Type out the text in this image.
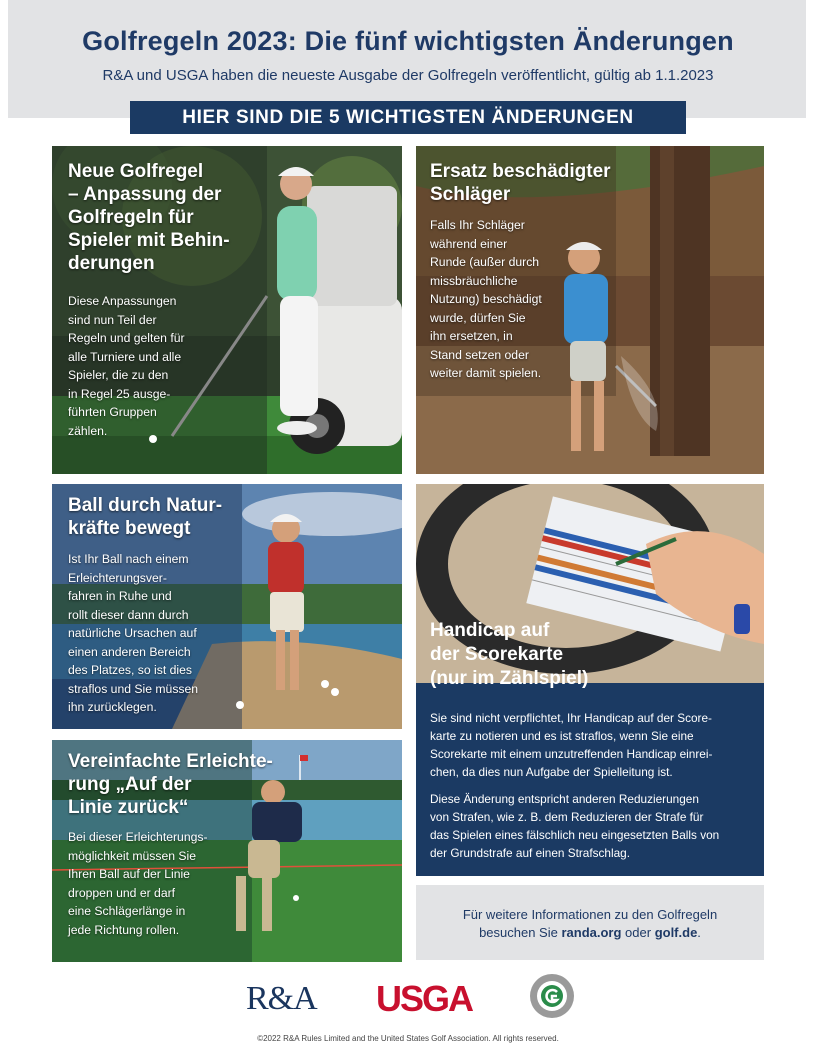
Golfregeln 2023: Die fünf wichtigsten Änderungen
R&A und USGA haben die neueste Ausgabe der Golfregeln veröffentlicht, gültig ab 1.1.2023
HIER SIND DIE 5 WICHTIGSTEN ÄNDERUNGEN
Neue Golfregel
– Anpassung der
Golfregeln für
Spieler mit Behin-
derungen
Diese Anpassungen
sind nun Teil der
Regeln und gelten für
alle Turniere und alle
Spieler, die zu den
in Regel 25 ausge-
führten Gruppen
zählen.
Ersatz beschädigter
Schläger
Falls Ihr Schläger
während einer
Runde (außer durch
missbräuchliche
Nutzung) beschädigt
wurde, dürfen Sie
ihn ersetzen, in
Stand setzen oder
weiter damit spielen.
Ball durch Natur-
kräfte bewegt
Ist Ihr Ball nach einem
Erleichterungsver-
fahren in Ruhe und
rollt dieser dann durch
natürliche Ursachen auf
einen anderen Bereich
des Platzes, so ist dies
straflos und Sie müssen
ihn zurücklegen.
Handicap auf
der Scorekarte
(nur im Zählspiel)
Sie sind nicht verpflichtet, Ihr Handicap auf der Score-
karte zu notieren und es ist straflos, wenn Sie eine
Scorekarte mit einem unzutreffenden Handicap einrei-
chen, da dies nun Aufgabe der Spielleitung ist.
Diese Änderung entspricht anderen Reduzierungen
von Strafen, wie z. B. dem Reduzieren der Strafe für
das Spielen eines fälschlich neu eingesetzten Balls von
der Grundstrafe auf einen Strafschlag.
Vereinfachte Erleichte-
rung „Auf der
Linie zurück“
Bei dieser Erleichterungs-
möglichkeit müssen Sie
Ihren Ball auf der Linie
droppen und er darf
eine Schlägerlänge in
jede Richtung rollen.
Für weitere Informationen zu den Golfregeln
besuchen Sie randa.org oder golf.de.
R&A USGA
©2022 R&A Rules Limited and the United States Golf Association. All rights reserved.
